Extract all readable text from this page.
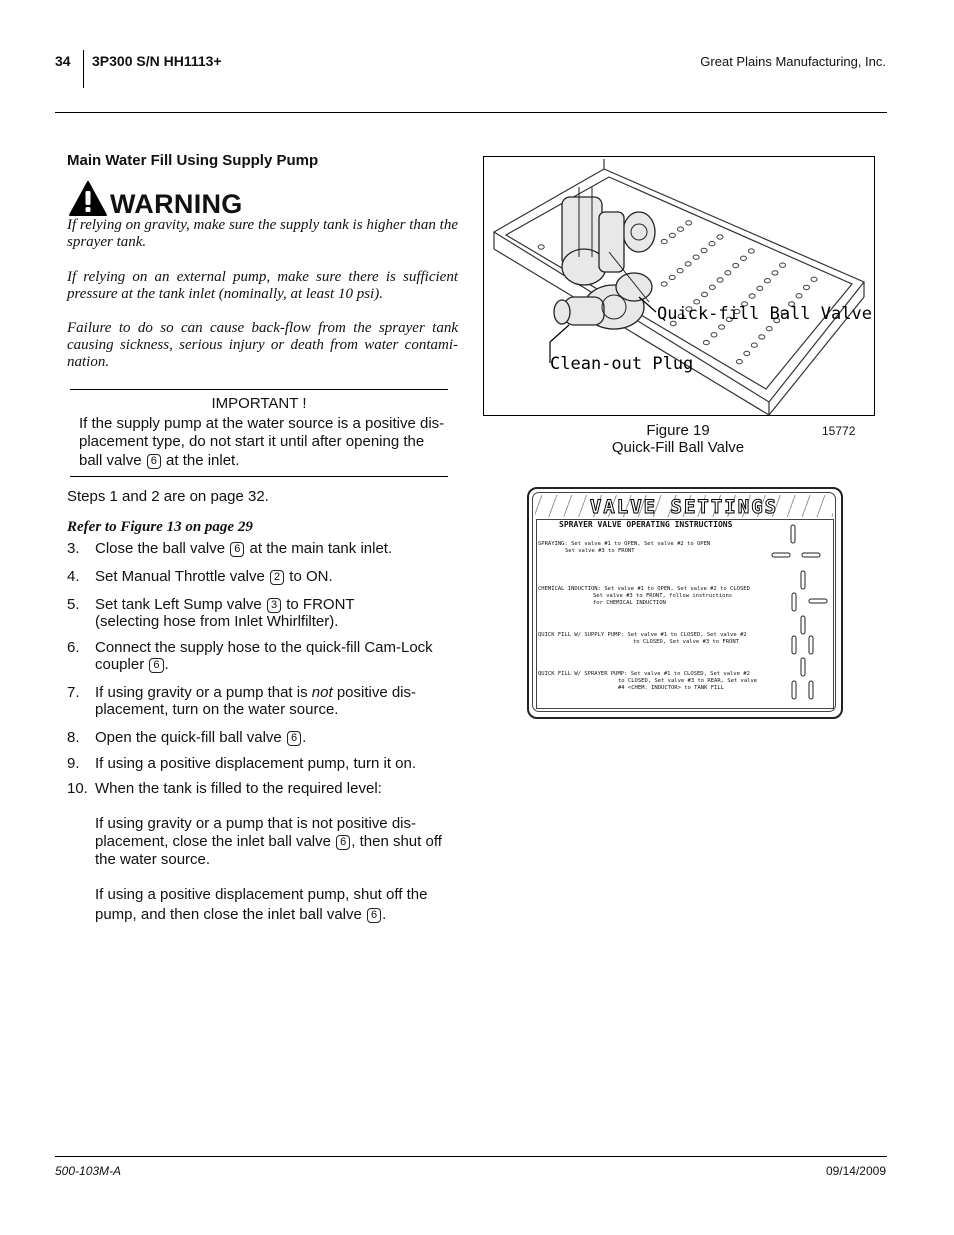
34 3P300 S/N HH1113+	Great Plains Manufacturing, Inc.
Main Water Fill Using Supply Pump
WARNING
If relying on gravity, make sure the supply tank is higher than the sprayer tank.
If relying on an external pump, make sure there is sufficient pressure at the tank inlet (nominally, at least 10 psi).
Failure to do so can cause back-flow from the sprayer tank causing sickness, serious injury or death from water contami-nation.
IMPORTANT !
If the supply pump at the water source is a positive dis-
placement type, do not start it until after opening the
ball valve 6 at the inlet.
Steps 1 and 2 are on page 32.
Refer to Figure 13 on page 29
3. Close the ball valve 6 at the main tank inlet.
4. Set Manual Throttle valve 2 to ON.
5. Set tank Left Sump valve 3 to FRONT
(selecting hose from Inlet Whirlfilter).
6. Connect the supply hose to the quick-fill Cam-Lock
coupler 6 .
7. If using gravity or a pump that is not positive dis-
placement, turn on the water source.
8. Open the quick-fill ball valve 6 .
9. If using a positive displacement pump, turn it on.
10. When the tank is filled to the required level:
If using gravity or a pump that is not positive dis-
placement, close the inlet ball valve 6 , then shut off
the water source.
If using a positive displacement pump, shut off the
pump, and then close the inlet ball valve 6 .
Quick-fill Ball Valve
Clean-out Plug
Figure 19
Quick-Fill Ball Valve
15772
VALVE SETTINGS
SPRAYER VALVE OPERATING INSTRUCTIONS
SPRAYING: Set valve #1 to OPEN, Set valve #2 to OPEN
Set valve #3 to FRONT
CHEMICAL INDUCTION: Set valve #1 to OPEN, Set valve #2 to CLOSED
Set valve #3 to FRONT, follow instructions
for CHEMICAL INDUCTION
QUICK FILL W/ SUPPLY PUMP: Set valve #1 to CLOSED, Set valve #2
to CLOSED, Set valve #3 to FRONT
QUICK FILL W/ SPRAYER PUMP: Set valve #1 to CLOSED, Set valve #2
to CLOSED, Set valve #3 to REAR, Set valve
#4 <CHEM. INDUCTOR> to TANK FILL
500-103M-A	09/14/2009
